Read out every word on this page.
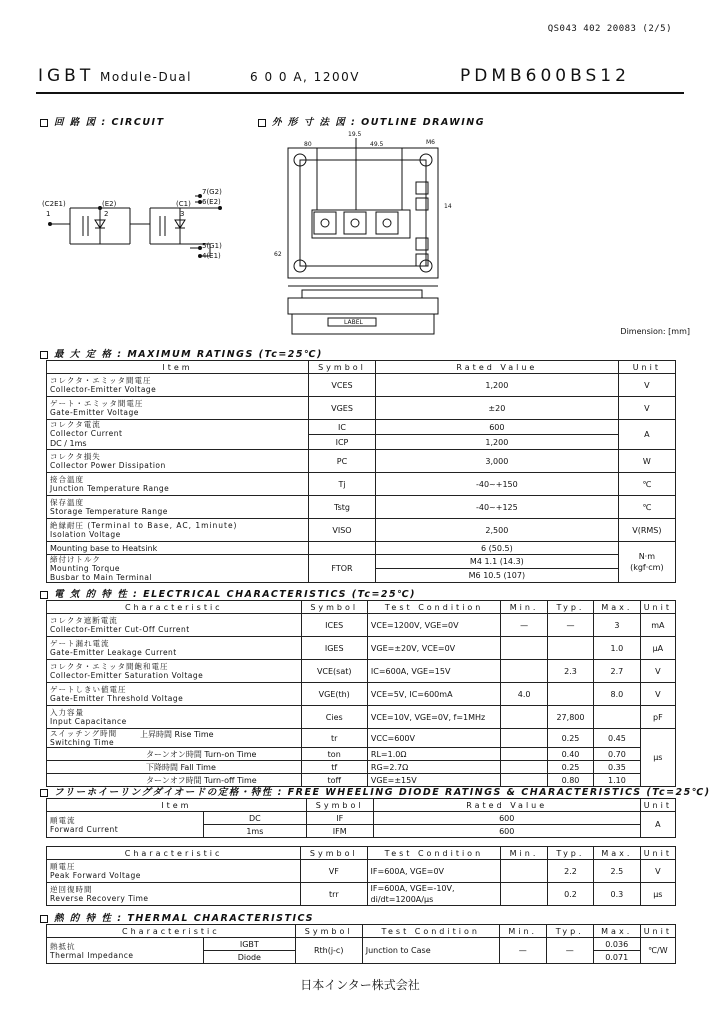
QS043 402 20083 (2/5)
IGBT Module-Dual	6 0 0 A, 1200V	PDMB600BS12
回 路 図 : CIRCUIT	外 形 寸 法 図 : OUTLINE DRAWING
(C2E1)
1
(E2)
2
(C1)
3
7(G2)
6(E2)
5(G1)
4(E1)
80
19.5
49.5
62
14
M6
LABEL
Dimension: [mm]
最 大 定 格 : MAXIMUM RATINGS (Tc=25℃)
Item	Symbol	Rated Value	Unit

コレクタ・エミッタ間電圧
Collector-Emitter Voltage	VCES	1,200	V

ゲート・エミッタ間電圧
Gate-Emitter Voltage	VGES	±20	V

コレクタ電流
Collector Current
DC / 1ms	IC	600	A
	ICP	1,200	

コレクタ損失
Collector Power Dissipation	PC	3,000	W

接合温度
Junction Temperature Range	Tj	-40~+150	℃

保存温度
Storage Temperature Range	Tstg	-40~+125	℃

絶縁耐圧 (Terminal to Base, AC, 1minute)
Isolation Voltage	VISO	2,500	V(RMS)
Mounting base to Heatsink		6 (50.5)	N·m (kgf·cm)

締付けトルク
Mounting Torque
Busbar to Main Terminal	FTOR	M4 1.1 (14.3)	
		M6 10.5 (107)	
電 気 的 特 性 : ELECTRICAL CHARACTERISTICS (Tc=25℃)
Characteristic	Symbol	Test Condition	Min.	Typ.	Max.	Unit

コレクタ遮断電流
Collector-Emitter Cut-Off Current	ICES	VCE=1200V, VGE=0V	—	—	3	mA

ゲート漏れ電流
Gate-Emitter Leakage Current	IGES	VGE=±20V, VCE=0V			1.0	μA

コレクタ・エミッタ間飽和電圧
Collector-Emitter Saturation Voltage	VCE(sat)	IC=600A, VGE=15V		2.3	2.7	V

ゲートしきい値電圧
Gate-Emitter Threshold Voltage	VGE(th)	VCE=5V, IC=600mA	4.0		8.0	V

入力容量
Input Capacitance	Cies	VCE=10V, VGE=0V, f=1MHz		27,800		pF

スイッチング時間
Switching Time
上昇時間 Rise Time	tr	VCC=600V		0.25	0.45	μs
ターンオン時間 Turn-on Time	ton	RL=1.0Ω		0.40	0.70	
下降時間 Fall Time	tf	RG=2.7Ω		0.25	0.35	
ターンオフ時間 Turn-off Time	toff	VGE=±15V		0.80	1.10	
フリーホイーリングダイオードの定格・特性 : FREE WHEELING DIODE RATINGS & CHARACTERISTICS (Tc=25℃)
Item		Symbol	Rated Value	Unit

順電流
Forward Current	DC	IF	600	A
	1ms	IFM	600	
Characteristic	Symbol	Test Condition	Min.	Typ.	Max.	Unit

順電圧
Peak Forward Voltage	VF	IF=600A, VGE=0V		2.2	2.5	V

逆回復時間
Reverse Recovery Time	trr	IF=600A, VGE=-10V, di/dt=1200A/μs		0.2	0.3	μs
熱 的 特 性 : THERMAL CHARACTERISTICS
Characteristic		Symbol	Test Condition	Min.	Typ.	Max.	Unit

熱抵抗
Thermal Impedance	IGBT	Rth(j-c)	Junction to Case	—	—	0.036	℃/W
	Diode					0.071	
日本インター株式会社
